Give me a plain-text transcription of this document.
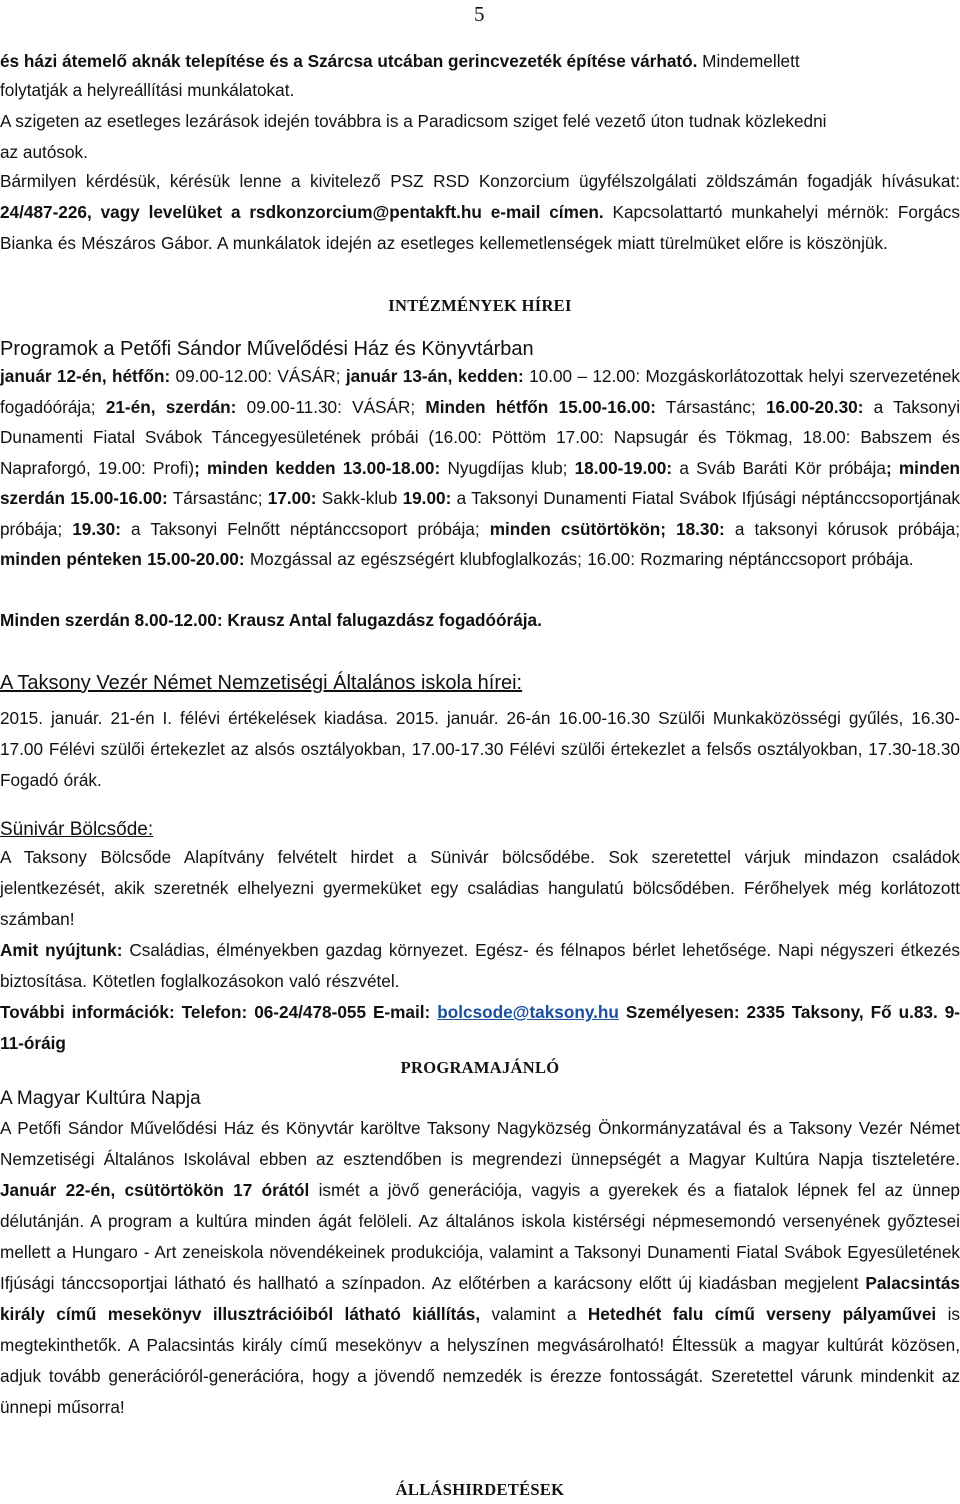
5
és házi átemelő aknák telepítése és a Szárcsa utcában gerincvezeték építése várható. Mindemellett
folytatják a helyreállítási munkálatokat.
A szigeten az esetleges lezárások idején továbbra is a Paradicsom sziget felé vezető úton tudnak közlekedni
az autósok.
Bármilyen kérdésük, kérésük lenne a kivitelező PSZ RSD Konzorcium ügyfélszolgálati zöldszámán fogadják hívásukat: 24/487-226, vagy levelüket a rsdkonzorcium@pentakft.hu e-mail címen. Kapcsolattartó munkahelyi mérnök: Forgács Bianka és Mészáros Gábor. A munkálatok idején az esetleges kellemetlenségek miatt türelmüket előre is köszönjük.
INTÉZMÉNYEK HÍREI
Programok a Petőfi Sándor Művelődési Ház és Könyvtárban
január 12-én, hétfőn: 09.00-12.00: VÁSÁR; január 13-án, kedden: 10.00 – 12.00: Mozgáskorlátozottak helyi szervezetének fogadóórája; 21-én, szerdán: 09.00-11.30: VÁSÁR; Minden hétfőn 15.00-16.00: Társastánc; 16.00-20.30: a Taksonyi Dunamenti Fiatal Svábok Táncegyesületének próbái (16.00: Pöttöm 17.00: Napsugár és Tökmag, 18.00: Babszem és Napraforgó, 19.00: Profi); minden kedden 13.00-18.00: Nyugdíjas klub; 18.00-19.00: a Sváb Baráti Kör próbája; minden szerdán 15.00-16.00: Társastánc; 17.00: Sakk-klub 19.00: a Taksonyi Dunamenti Fiatal Svábok Ifjúsági néptánccsoportjának próbája; 19.30: a Taksonyi Felnőtt néptánccsoport próbája; minden csütörtökön; 18.30: a taksonyi kórusok próbája; minden pénteken 15.00-20.00: Mozgással az egészségért klubfoglalkozás; 16.00: Rozmaring néptánccsoport próbája.
Minden szerdán 8.00-12.00: Krausz Antal falugazdász fogadóórája.
A Taksony Vezér Német Nemzetiségi Általános iskola hírei:
2015. január. 21-én I. félévi értékelések kiadása. 2015. január. 26-án 16.00-16.30 Szülői Munkaközösségi gyűlés, 16.30-17.00 Félévi szülői értekezlet az alsós osztályokban, 17.00-17.30 Félévi szülői értekezlet a felsős osztályokban, 17.30-18.30 Fogadó órák.
Sünivár Bölcsőde:
A Taksony Bölcsőde Alapítvány felvételt hirdet a Sünivár bölcsődébe. Sok szeretettel várjuk mindazon családok jelentkezését, akik szeretnék elhelyezni gyermeküket egy családias hangulatú bölcsődében. Férőhelyek még korlátozott számban!
Amit nyújtunk: Családias, élményekben gazdag környezet. Egész- és félnapos bérlet lehetősége. Napi négyszeri étkezés biztosítása. Kötetlen foglalkozásokon való részvétel.
További információk: Telefon: 06-24/478-055 E-mail: bolcsode@taksony.hu Személyesen: 2335 Taksony, Fő u.83. 9-11-óráig
PROGRAMAJÁNLÓ
A Magyar Kultúra Napja
A Petőfi Sándor Művelődési Ház és Könyvtár karöltve Taksony Nagyközség Önkormányzatával és a Taksony Vezér Német Nemzetiségi Általános Iskolával ebben az esztendőben is megrendezi ünnepségét a Magyar Kultúra Napja tiszteletére. Január 22-én, csütörtökön 17 órától ismét a jövő generációja, vagyis a gyerekek és a fiatalok lépnek fel az ünnep délutánján. A program a kultúra minden ágát felöleli. Az általános iskola kistérségi népmesemondó versenyének győztesei mellett a Hungaro - Art zeneiskola növendékeinek produkciója, valamint a Taksonyi Dunamenti Fiatal Svábok Egyesületének Ifjúsági tánccsoportjai látható és hallható a színpadon. Az előtérben a karácsony előtt új kiadásban megjelent Palacsintás király című mesekönyv illusztrációiból látható kiállítás, valamint a Hetedhét falu című verseny pályaművei is megtekinthetők. A Palacsintás király című mesekönyv a helyszínen megvásárolható! Éltessük a magyar kultúrát közösen, adjuk tovább generációról-generációra, hogy a jövendő nemzedék is érezze fontosságát. Szeretettel várunk mindenkit az ünnepi műsorra!
ÁLLÁSHIRDETÉSEK
